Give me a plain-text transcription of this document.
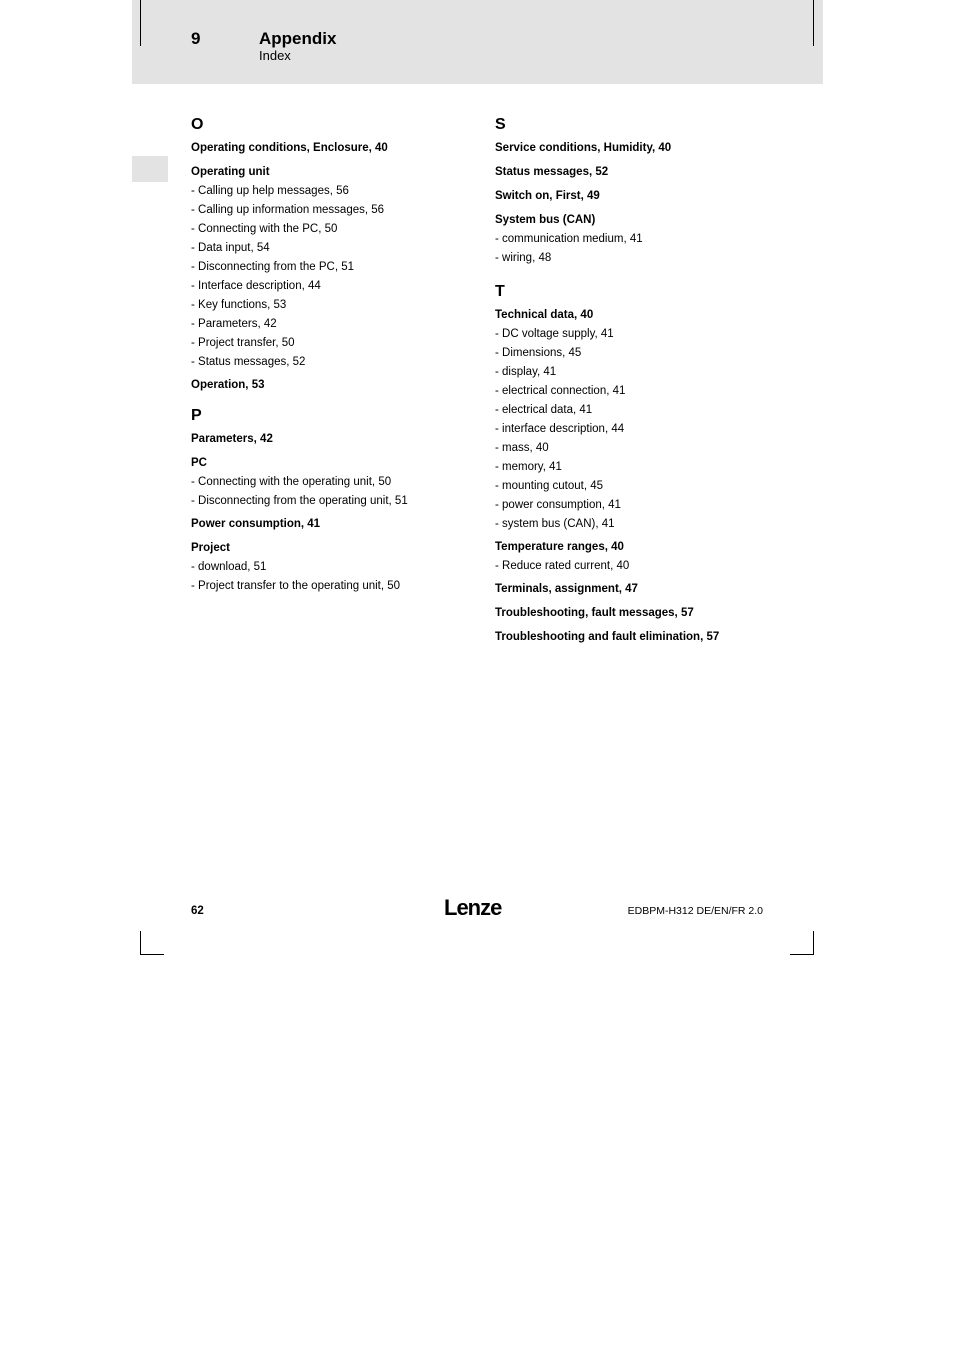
9	Appendix
Index
O
Operating conditions, Enclosure, 40
Operating unit
- Calling up help messages, 56
- Calling up information messages, 56
- Connecting with the PC, 50
- Data input, 54
- Disconnecting from the PC, 51
- Interface description, 44
- Key functions, 53
- Parameters, 42
- Project transfer, 50
- Status messages, 52
Operation, 53
P
Parameters, 42
PC
- Connecting with the operating unit, 50
- Disconnecting from the operating unit, 51
Power consumption, 41
Project
- download, 51
- Project transfer to the operating unit, 50
S
Service conditions, Humidity, 40
Status messages, 52
Switch on, First, 49
System bus (CAN)
- communication medium, 41
- wiring, 48
T
Technical data, 40
- DC voltage supply, 41
- Dimensions, 45
- display, 41
- electrical connection, 41
- electrical data, 41
- interface description, 44
- mass, 40
- memory, 41
- mounting cutout, 45
- power consumption, 41
- system bus (CAN), 41
Temperature ranges, 40
- Reduce rated current, 40
Terminals, assignment, 47
Troubleshooting, fault messages, 57
Troubleshooting and fault elimination, 57
62	Lenze	EDBPM-H312 DE/EN/FR 2.0
